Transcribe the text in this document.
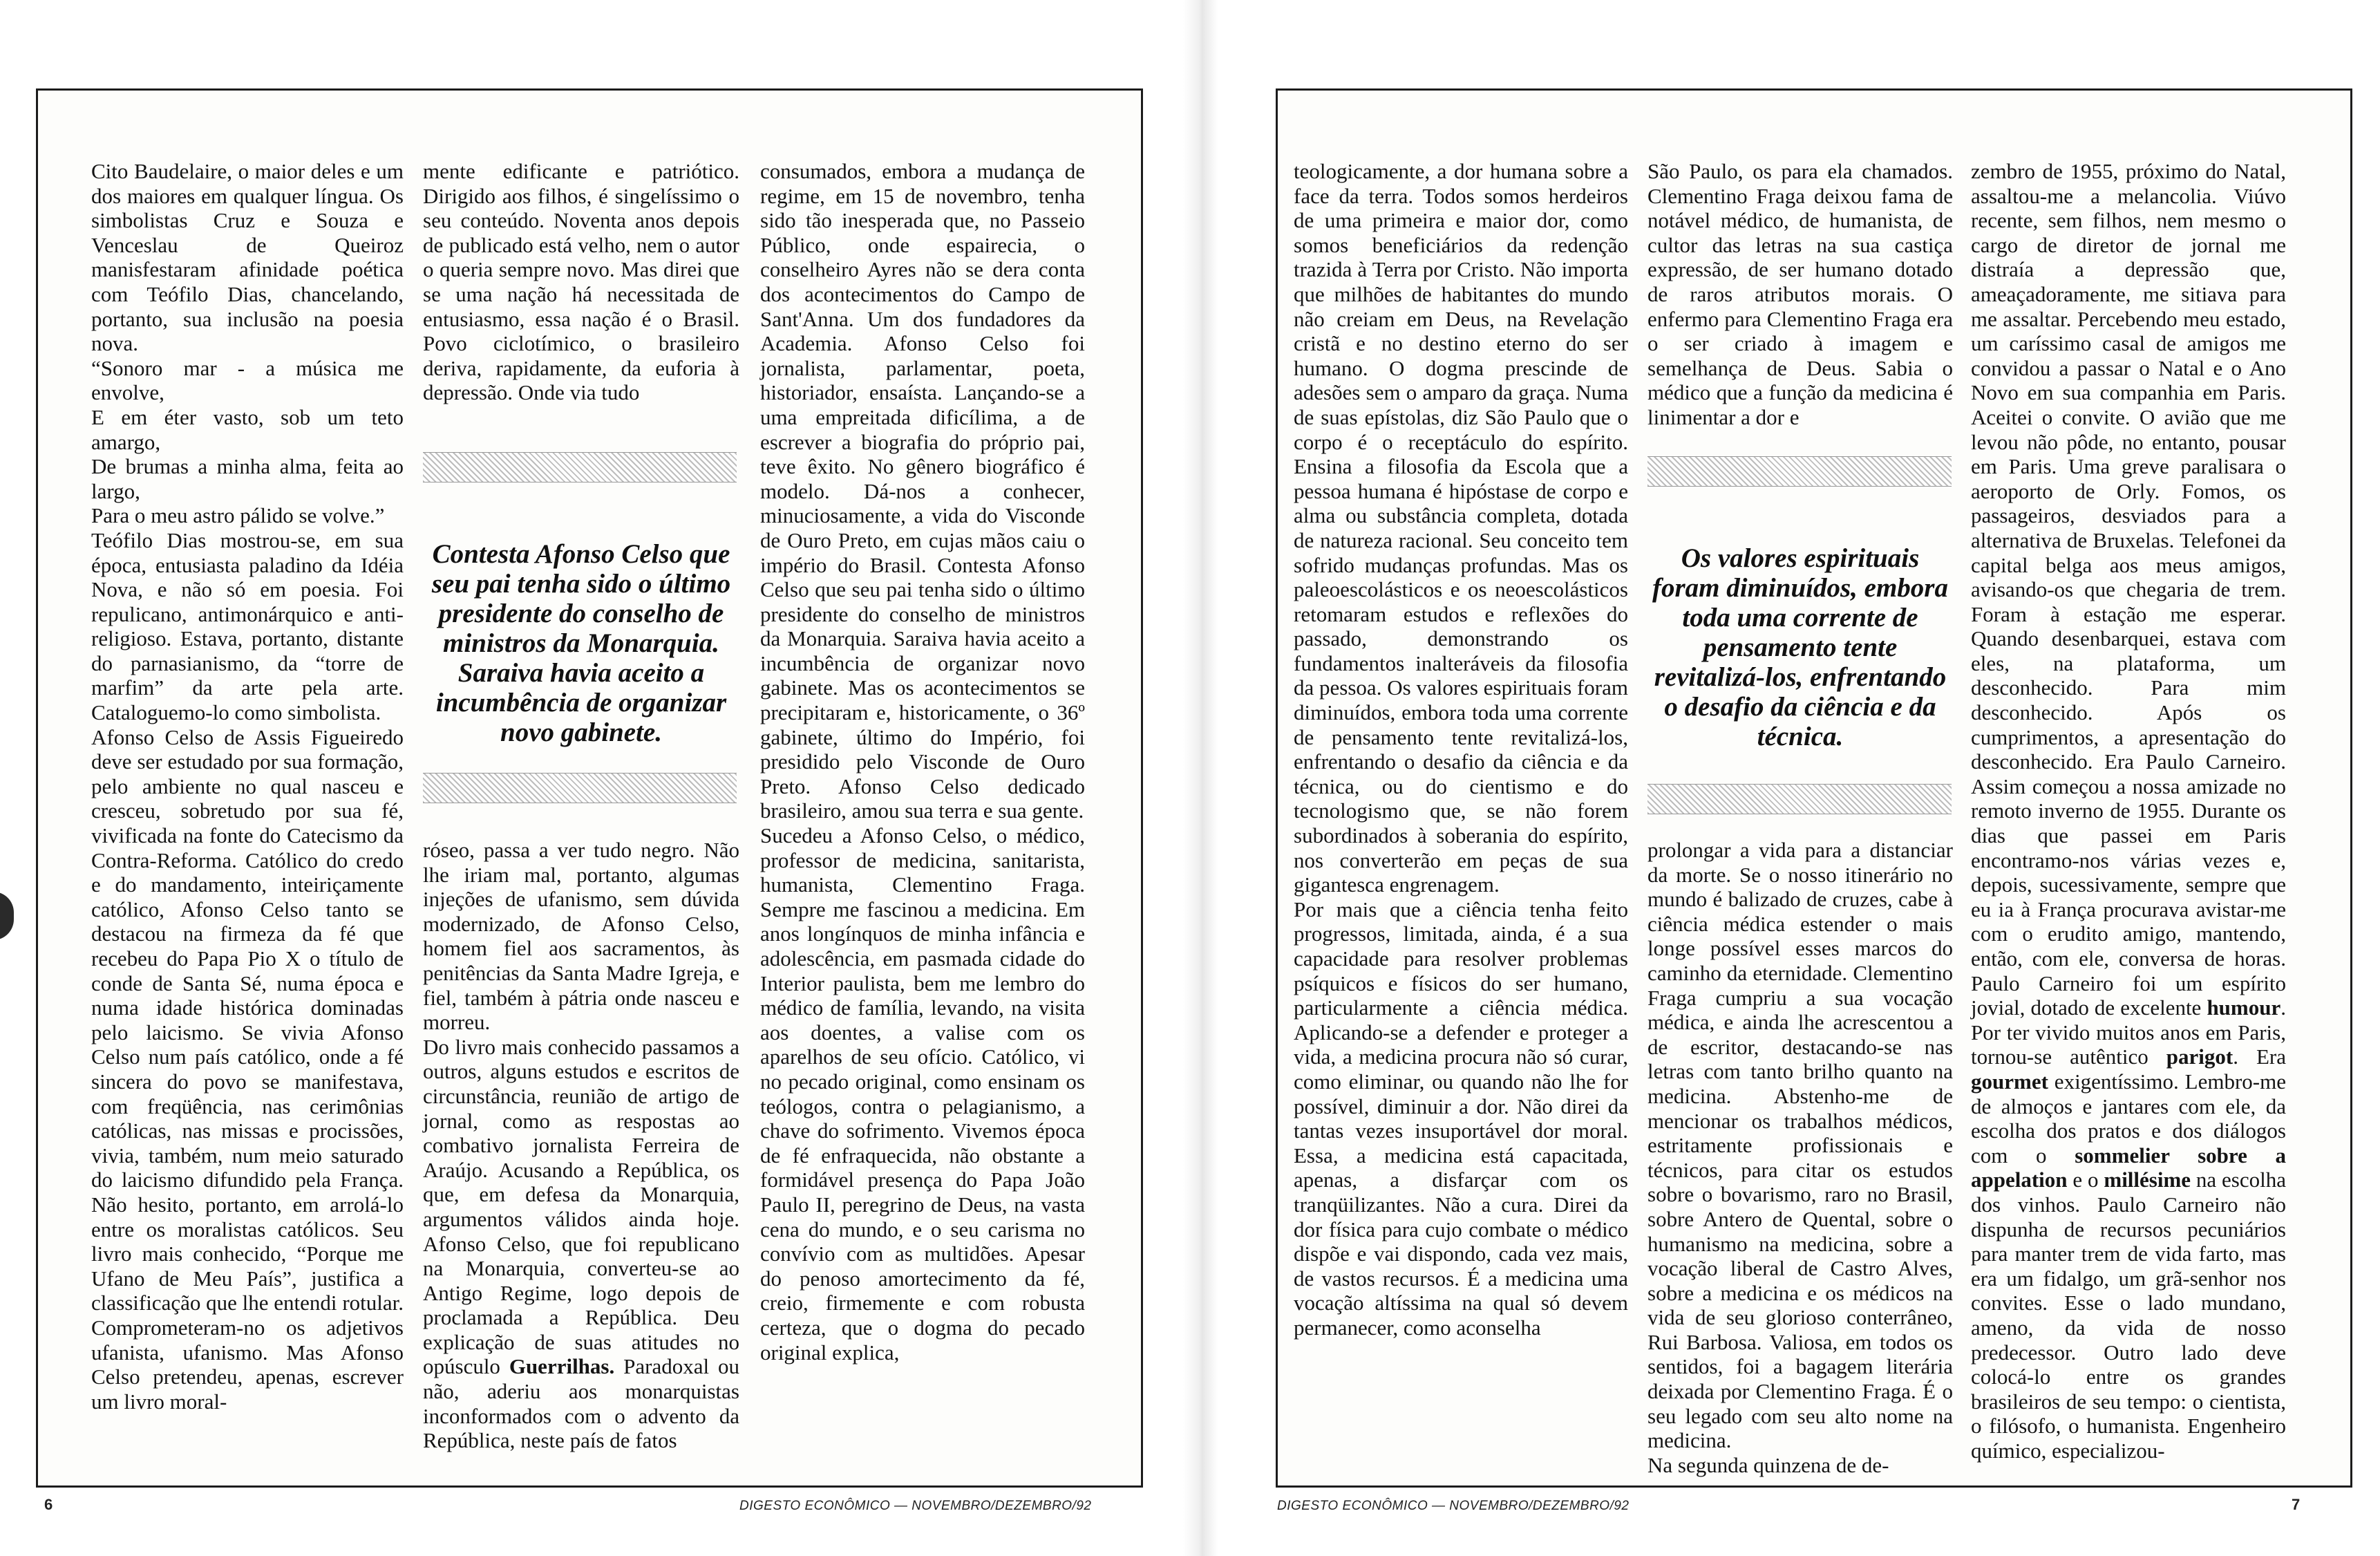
Cito Baudelaire, o maior deles e um dos maiores em qualquer língua. Os simbolistas Cruz e Souza e Venceslau de Queiroz manisfestaram afinidade poética com Teófilo Dias, chancelando, portanto, sua inclusão na poesia nova.
“Sonoro mar - a música me envolve,
E em éter vasto, sob um teto amargo,
De brumas a minha alma, feita ao largo,
Para o meu astro pálido se volve.”
Teófilo Dias mostrou-se, em sua época, entusiasta paladino da Idéia Nova, e não só em poesia. Foi repulicano, antimonárquico e anti-religioso. Estava, portanto, distante do parnasianismo, da “torre de marfim” da arte pela arte. Cataloguemo-lo como simbolista.
Afonso Celso de Assis Figueiredo deve ser estudado por sua formação, pelo ambiente no qual nasceu e cresceu, sobretudo por sua fé, vivificada na fonte do Catecismo da Contra-Reforma. Católico do credo e do mandamento, inteiriçamente católico, Afonso Celso tanto se destacou na firmeza da fé que recebeu do Papa Pio X o título de conde de Santa Sé, numa época e numa idade histórica dominadas pelo laicismo. Se vivia Afonso Celso num país católico, onde a fé sincera do povo se manifestava, com freqüência, nas cerimônias católicas, nas missas e procissões, vivia, também, num meio saturado do laicismo difundido pela França. Não hesito, portanto, em arrolá-lo entre os moralistas católicos. Seu livro mais conhecido, “Porque me Ufano de Meu País”, justifica a classificação que lhe entendi rotular. Comprometeram-no os adjetivos ufanista, ufanismo. Mas Afonso Celso pretendeu, apenas, escrever um livro moral-

mente edificante e patriótico. Dirigido aos filhos, é singelíssimo o seu conteúdo. Noventa anos depois de publicado está velho, nem o autor o queria sempre novo. Mas direi que se uma nação há necessitada de entusiasmo, essa nação é o Brasil. Povo ciclotímico, o brasileiro deriva, rapidamente, da euforia à depressão. Onde via tudo

Contesta Afonso Celso que seu pai tenha sido o último presidente do conselho de ministros da Monarquia. Saraiva havia aceito a incumbência de organizar novo gabinete.

róseo, passa a ver tudo negro. Não lhe iriam mal, portanto, algumas injeções de ufanismo, sem dúvida modernizado, de Afonso Celso, homem fiel aos sacramentos, às penitências da Santa Madre Igreja, e fiel, também à pátria onde nasceu e morreu.
Do livro mais conhecido passamos a outros, alguns estudos e escritos de circunstância, reunião de artigo de jornal, como as respostas ao combativo jornalista Ferreira de Araújo. Acusando a República, os que, em defesa da Monarquia, argumentos válidos ainda hoje. Afonso Celso, que foi republicano na Monarquia, converteu-se ao Antigo Regime, logo depois de proclamada a República. Deu explicação de suas atitudes no opúsculo Guerrilhas. Paradoxal ou não, aderiu aos monarquistas inconformados com o advento da República, neste país de fatos

consumados, embora a mudança de regime, em 15 de novembro, tenha sido tão inesperada que, no Passeio Público, onde espairecia, o conselheiro Ayres não se dera conta dos acontecimentos do Campo de Sant'Anna. Um dos fundadores da Academia. Afonso Celso foi jornalista, parlamentar, poeta, historiador, ensaísta. Lançando-se a uma empreitada dificílima, a de escrever a biografia do próprio pai, teve êxito. No gênero biográfico é modelo. Dá-nos a conhecer, minuciosamente, a vida do Visconde de Ouro Preto, em cujas mãos caiu o império do Brasil. Contesta Afonso Celso que seu pai tenha sido o último presidente do conselho de ministros da Monarquia. Saraiva havia aceito a incumbência de organizar novo gabinete. Mas os acontecimentos se precipitaram e, historicamente, o 36º gabinete, último do Império, foi presidido pelo Visconde de Ouro Preto. Afonso Celso dedicado brasileiro, amou sua terra e sua gente.
Sucedeu a Afonso Celso, o médico, professor de medicina, sanitarista, humanista, Clementino Fraga. Sempre me fascinou a medicina. Em anos longínquos de minha infância e adolescência, em pasmada cidade do Interior paulista, bem me lembro do médico de família, levando, na visita aos doentes, a valise com os aparelhos de seu ofício. Católico, vi no pecado original, como ensinam os teólogos, contra o pelagianismo, a chave do sofrimento. Vivemos época de fé enfraquecida, não obstante a formidável presença do Papa João Paulo II, peregrino de Deus, na vasta cena do mundo, e o seu carisma no convívio com as multidões. Apesar do penoso amortecimento da fé, creio, firmemente e com robusta certeza, que o dogma do pecado original explica,

6	DIGESTO ECONÔMICO — NOVEMBRO/DEZEMBRO/92

teologicamente, a dor humana sobre a face da terra. Todos somos herdeiros de uma primeira e maior dor, como somos beneficiários da redenção trazida à Terra por Cristo. Não importa que milhões de habitantes do mundo não creiam em Deus, na Revelação cristã e no destino eterno do ser humano. O dogma prescinde de adesões sem o amparo da graça. Numa de suas epístolas, diz São Paulo que o corpo é o receptáculo do espírito. Ensina a filosofia da Escola que a pessoa humana é hipóstase de corpo e alma ou substância completa, dotada de natureza racional. Seu conceito tem sofrido mudanças profundas. Mas os paleoescolásticos e os neoescolásticos retomaram estudos e reflexões do passado, demonstrando os fundamentos inalteráveis da filosofia da pessoa. Os valores espirituais foram diminuídos, embora toda uma corrente de pensamento tente revitalizá-los, enfrentando o desafio da ciência e da técnica, ou do cientismo e do tecnologismo que, se não forem subordinados à soberania do espírito, nos converterão em peças de sua gigantesca engrenagem.
Por mais que a ciência tenha feito progressos, limitada, ainda, é a sua capacidade para resolver problemas psíquicos e físicos do ser humano, particularmente a ciência médica. Aplicando-se a defender e proteger a vida, a medicina procura não só curar, como eliminar, ou quando não lhe for possível, diminuir a dor. Não direi da tantas vezes insuportável dor moral. Essa, a medicina está capacitada, apenas, a disfarçar com os tranqüilizantes. Não a cura. Direi da dor física para cujo combate o médico dispõe e vai dispondo, cada vez mais, de vastos recursos. É a medicina uma vocação altíssima na qual só devem permanecer, como aconselha

São Paulo, os para ela chamados. Clementino Fraga deixou fama de notável médico, de humanista, de cultor das letras na sua castiça expressão, de ser humano dotado de raros atributos morais. O enfermo para Clementino Fraga era o ser criado à imagem e semelhança de Deus. Sabia o médico que a função da medicina é linimentar a dor e

Os valores espirituais foram diminuídos, embora toda uma corrente de pensamento tente revitalizá-los, enfrentando o desafio da ciência e da técnica.

prolongar a vida para a distanciar da morte. Se o nosso itinerário no mundo é balizado de cruzes, cabe à ciência médica estender o mais longe possível esses marcos do caminho da eternidade. Clementino Fraga cumpriu a sua vocação médica, e ainda lhe acrescentou a de escritor, destacando-se nas letras com tanto brilho quanto na medicina. Abstenho-me de mencionar os trabalhos médicos, estritamente profissionais e técnicos, para citar os estudos sobre o bovarismo, raro no Brasil, sobre Antero de Quental, sobre o humanismo na medicina, sobre a vocação liberal de Castro Alves, sobre a medicina e os médicos na vida de seu glorioso conterrâneo, Rui Barbosa. Valiosa, em todos os sentidos, foi a bagagem literária deixada por Clementino Fraga. É o seu legado com seu alto nome na medicina.
Na segunda quinzena de de-

zembro de 1955, próximo do Natal, assaltou-me a melancolia. Viúvo recente, sem filhos, nem mesmo o cargo de diretor de jornal me distraía a depressão que, ameaçadoramente, me sitiava para me assaltar. Percebendo meu estado, um caríssimo casal de amigos me convidou a passar o Natal e o Ano Novo em sua companhia em Paris. Aceitei o convite. O avião que me levou não pôde, no entanto, pousar em Paris. Uma greve paralisara o aeroporto de Orly. Fomos, os passageiros, desviados para a alternativa de Bruxelas. Telefonei da capital belga aos meus amigos, avisando-os que chegaria de trem. Foram à estação me esperar. Quando desenbarquei, estava com eles, na plataforma, um desconhecido. Para mim desconhecido. Após os cumprimentos, a apresentação do desconhecido. Era Paulo Carneiro. Assim começou a nossa amizade no remoto inverno de 1955. Durante os dias que passei em Paris encontramo-nos várias vezes e, depois, sucessivamente, sempre que eu ia à França procurava avistar-me com o erudito amigo, mantendo, então, com ele, conversa de horas. Paulo Carneiro foi um espírito jovial, dotado de excelente humour. Por ter vivido muitos anos em Paris, tornou-se autêntico parigot. Era gourmet exigentíssimo. Lembro-me de almoços e jantares com ele, da escolha dos pratos e dos diálogos com o sommelier sobre a appelation e o millésime na escolha dos vinhos. Paulo Carneiro não dispunha de recursos pecuniários para manter trem de vida farto, mas era um fidalgo, um grã-senhor nos convites. Esse o lado mundano, ameno, da vida de nosso predecessor. Outro lado deve colocá-lo entre os grandes brasileiros de seu tempo: o cientista, o filósofo, o humanista. Engenheiro químico, especializou-

DIGESTO ECONÔMICO — NOVEMBRO/DEZEMBRO/92	7
